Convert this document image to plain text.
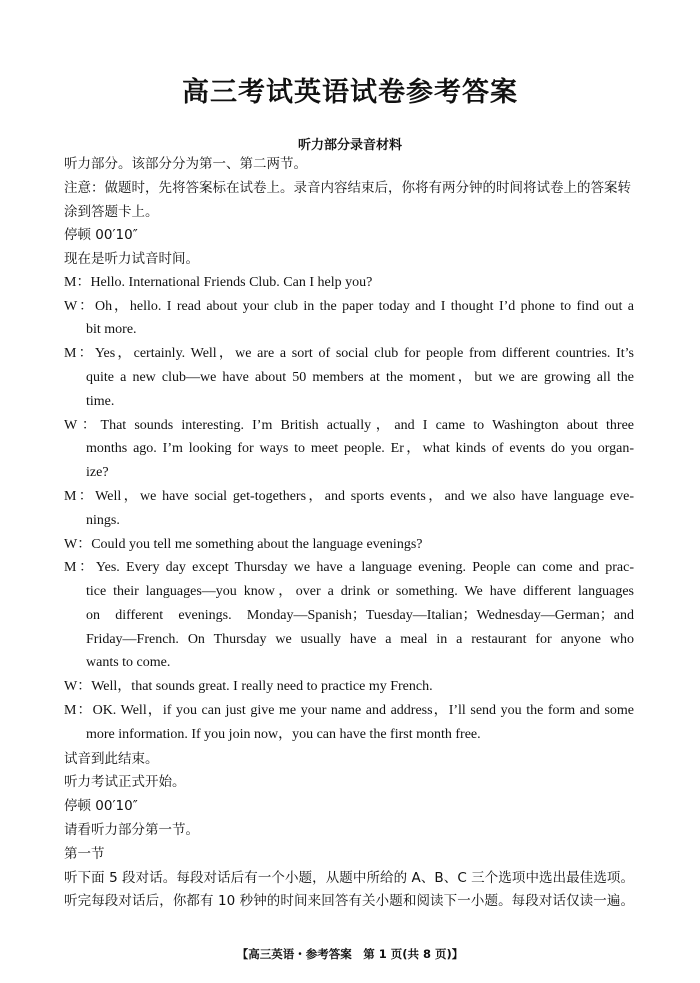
高三考试英语试卷参考答案
听力部分录音材料
听力部分。该部分分为第一、第二两节。
注意：做题时，先将答案标在试卷上。录音内容结束后，你将有两分钟的时间将试卷上的答案转
涂到答题卡上。
停顿 00′10″
现在是听力试音时间。
M：Hello. International Friends Club. Can I help you?
W：Oh，hello. I read about your club in the paper today and I thought I’d phone to find out a
bit more.
M：Yes，certainly. Well，we are a sort of social club for people from different countries. It’s
quite a new club—we have about 50 members at the moment，but we are growing all the
time.
W：That sounds interesting. I’m British actually，and I came to Washington about three
months ago. I’m looking for ways to meet people. Er，what kinds of events do you organ-
ize?
M：Well，we have social get-togethers，and sports events，and we also have language eve-
nings.
W：Could you tell me something about the language evenings?
M：Yes. Every day except Thursday we have a language evening. People can come and prac-
tice their languages—you know，over a drink or something. We have different languages
on different evenings. Monday—Spanish；Tuesday—Italian；Wednesday—German；and
Friday—French. On Thursday we usually have a meal in a restaurant for anyone who
wants to come.
W：Well，that sounds great. I really need to practice my French.
M：OK. Well，if you can just give me your name and address，I’ll send you the form and some
more information. If you join now，you can have the first month free.
试音到此结束。
听力考试正式开始。
停顿 00′10″
请看听力部分第一节。
第一节
听下面 5 段对话。每段对话后有一个小题，从题中所给的 A、B、C 三个选项中选出最佳选项。
听完每段对话后，你都有 10 秒钟的时间来回答有关小题和阅读下一小题。每段对话仅读一遍。
【高三英语・参考答案　第 1 页(共 8 页)】
